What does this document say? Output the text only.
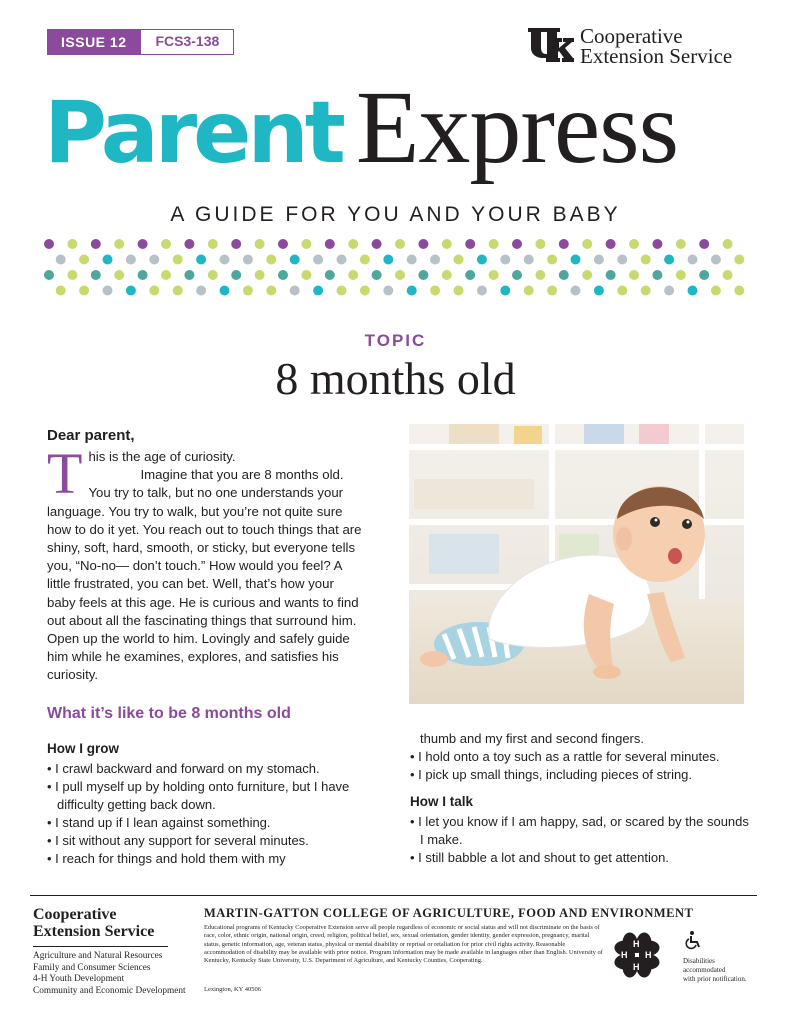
ISSUE 12	FCS3-138	Cooperative
Extension Service
Parent Express
A GUIDE FOR YOU AND YOUR BABY
TOPIC
8 months old
Dear parent,
T his is the age of curiosity.

Imagine that you are 8 months old. You try to talk, but no one understands your language. You try to walk, but you’re not quite sure how to do it yet. You reach out to touch things that are shiny, soft, hard, smooth, or sticky, but everyone tells you, “No-no— don’t touch.” How would you feel? A little frustrated, you can bet. Well, that’s how your baby feels at this age. He is curious and wants to find out about all the fascinating things that surround him. Open up the world to him. Lovingly and safely guide him while he examines, explores, and satisfies his curiosity.

What it’s like to be 8 months old
How I grow
• I crawl backward and forward on my stomach.
• I pull myself up by holding onto furniture, but I have difficulty getting back down.
• I stand up if I lean against something.
• I sit without any support for several minutes.
• I reach for things and hold them with my
thumb and my first and second fingers.
• I hold onto a toy such as a rattle for several minutes.
• I pick up small things, including pieces of string.
How I talk
• I let you know if I am happy, sad, or scared by the sounds I make.
• I still babble a lot and shout to get attention.
Cooperative
Extension Service
Agriculture and Natural Resources
Family and Consumer Sciences
4-H Youth Development
Community and Economic Development
MARTIN-GATTON COLLEGE OF AGRICULTURE, FOOD AND ENVIRONMENT
Educational programs of Kentucky Cooperative Extension serve all people regardless of economic or social status and will not discriminate on the basis of race, color, ethnic origin, national origin, creed, religion, political belief, sex, sexual orientation, gender identity, gender expression, pregnancy, marital status, genetic information, age, veteran status, physical or mental disability or reprisal or retaliation for prior civil rights activity. Reasonable accommodation of disability may be available with prior notice. Program information may be made available in languages other than English. University of Kentucky, Kentucky State University, U.S. Department of Agriculture, and Kentucky Counties, Cooperating.
Lexington, KY 40506
H
H
H H
Disabilities
accommodated
with prior notification.
